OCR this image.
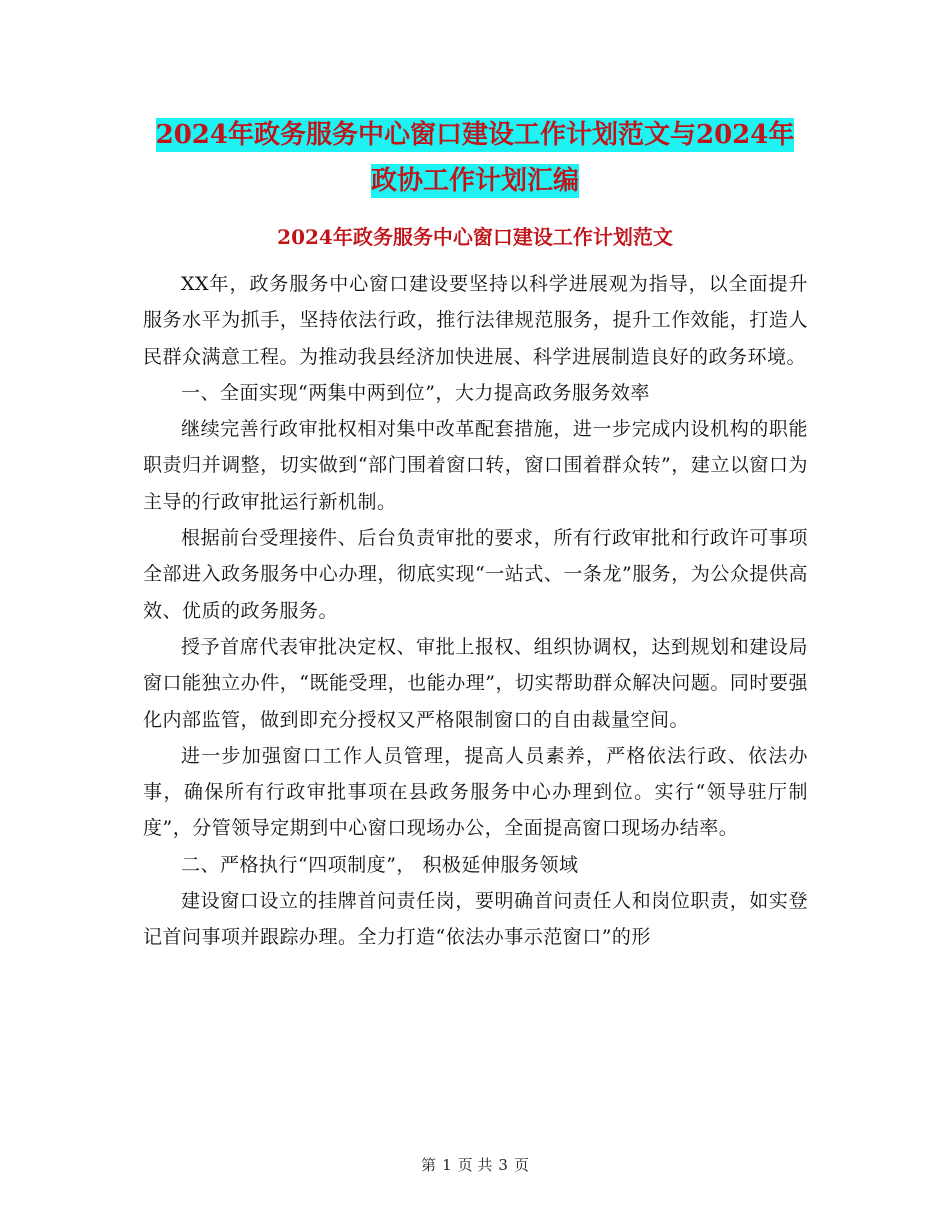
2024年政务服务中心窗口建设工作计划范文与2024年
政协工作计划汇编
2024年政务服务中心窗口建设工作计划范文

XX年，政务服务中心窗口建设要坚持以科学进展观为指导，以全面提升服务水平为抓手，坚持依法行政，推行法律规范服务，提升工作效能，打造人民群众满意工程。为推动我县经济加快进展、科学进展制造良好的政务环境。

一、全面实现“两集中两到位”，大力提高政务服务效率

继续完善行政审批权相对集中改革配套措施，进一步完成内设机构的职能职责归并调整，切实做到“部门围着窗口转，窗口围着群众转”，建立以窗口为主导的行政审批运行新机制。

根据前台受理接件、后台负责审批的要求，所有行政审批和行政许可事项全部进入政务服务中心办理，彻底实现“一站式、一条龙”服务，为公众提供高效、优质的政务服务。

授予首席代表审批决定权、审批上报权、组织协调权，达到规划和建设局窗口能独立办件，“既能受理，也能办理”，切实帮助群众解决问题。同时要强化内部监管，做到即充分授权又严格限制窗口的自由裁量空间。

进一步加强窗口工作人员管理，提高人员素养，严格依法行政、依法办事，确保所有行政审批事项在县政务服务中心办理到位。实行“领导驻厅制度”，分管领导定期到中心窗口现场办公，全面提高窗口现场办结率。

二、严格执行“四项制度”， 积极延伸服务领域

建设窗口设立的挂牌首问责任岗，要明确首问责任人和岗位职责，如实登记首问事项并跟踪办理。全力打造“依法办事示范窗口”的形

第 1 页 共 3 页
